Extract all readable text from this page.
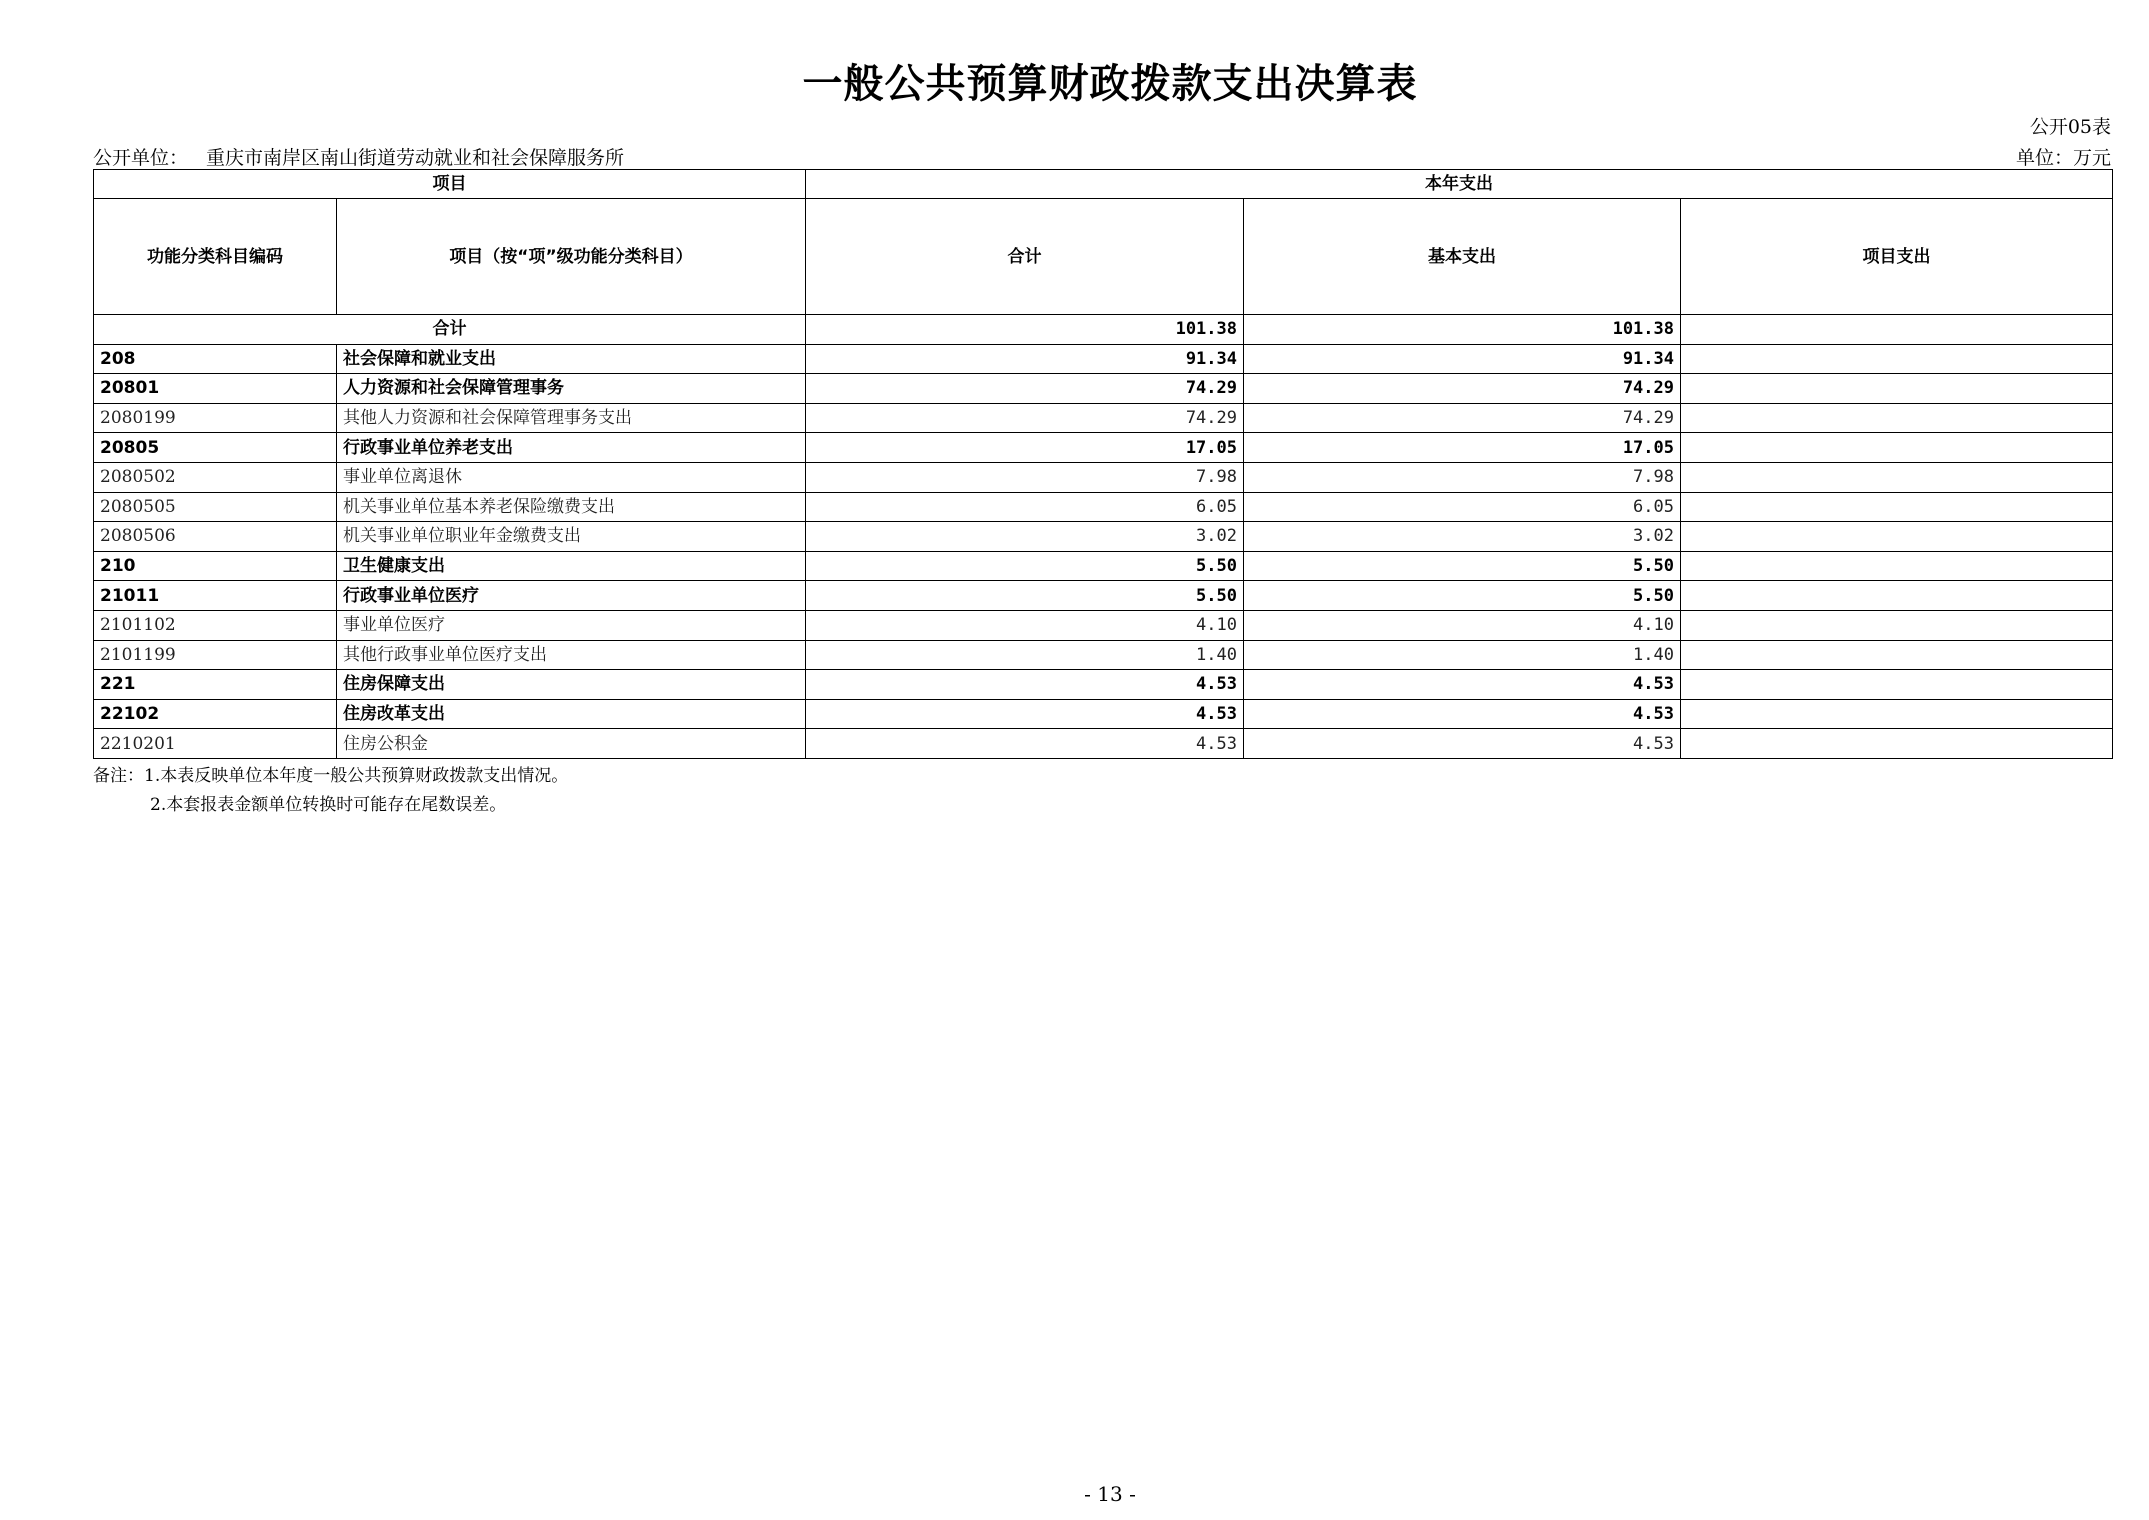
一般公共预算财政拨款支出决算表
公开05表
公开单位： 重庆市南岸区南山街道劳动就业和社会保障服务所	单位：万元
项目		本年支出		
功能分类科目编码	项目（按“项”级功能分类科目）	合计	基本支出	项目支出
合计		101.38	101.38	
208	社会保障和就业支出	91.34	91.34	
20801	人力资源和社会保障管理事务	74.29	74.29	
2080199	其他人力资源和社会保障管理事务支出	74.29	74.29	
20805	行政事业单位养老支出	17.05	17.05	
2080502	事业单位离退休	7.98	7.98	
2080505	机关事业单位基本养老保险缴费支出	6.05	6.05	
2080506	机关事业单位职业年金缴费支出	3.02	3.02	
210	卫生健康支出	5.50	5.50	
21011	行政事业单位医疗	5.50	5.50	
2101102	事业单位医疗	4.10	4.10	
2101199	其他行政事业单位医疗支出	1.40	1.40	
221	住房保障支出	4.53	4.53	
22102	住房改革支出	4.53	4.53	
2210201	住房公积金	4.53	4.53	
备注：1.本表反映单位本年度一般公共预算财政拨款支出情况。
2.本套报表金额单位转换时可能存在尾数误差。
- 13 -
